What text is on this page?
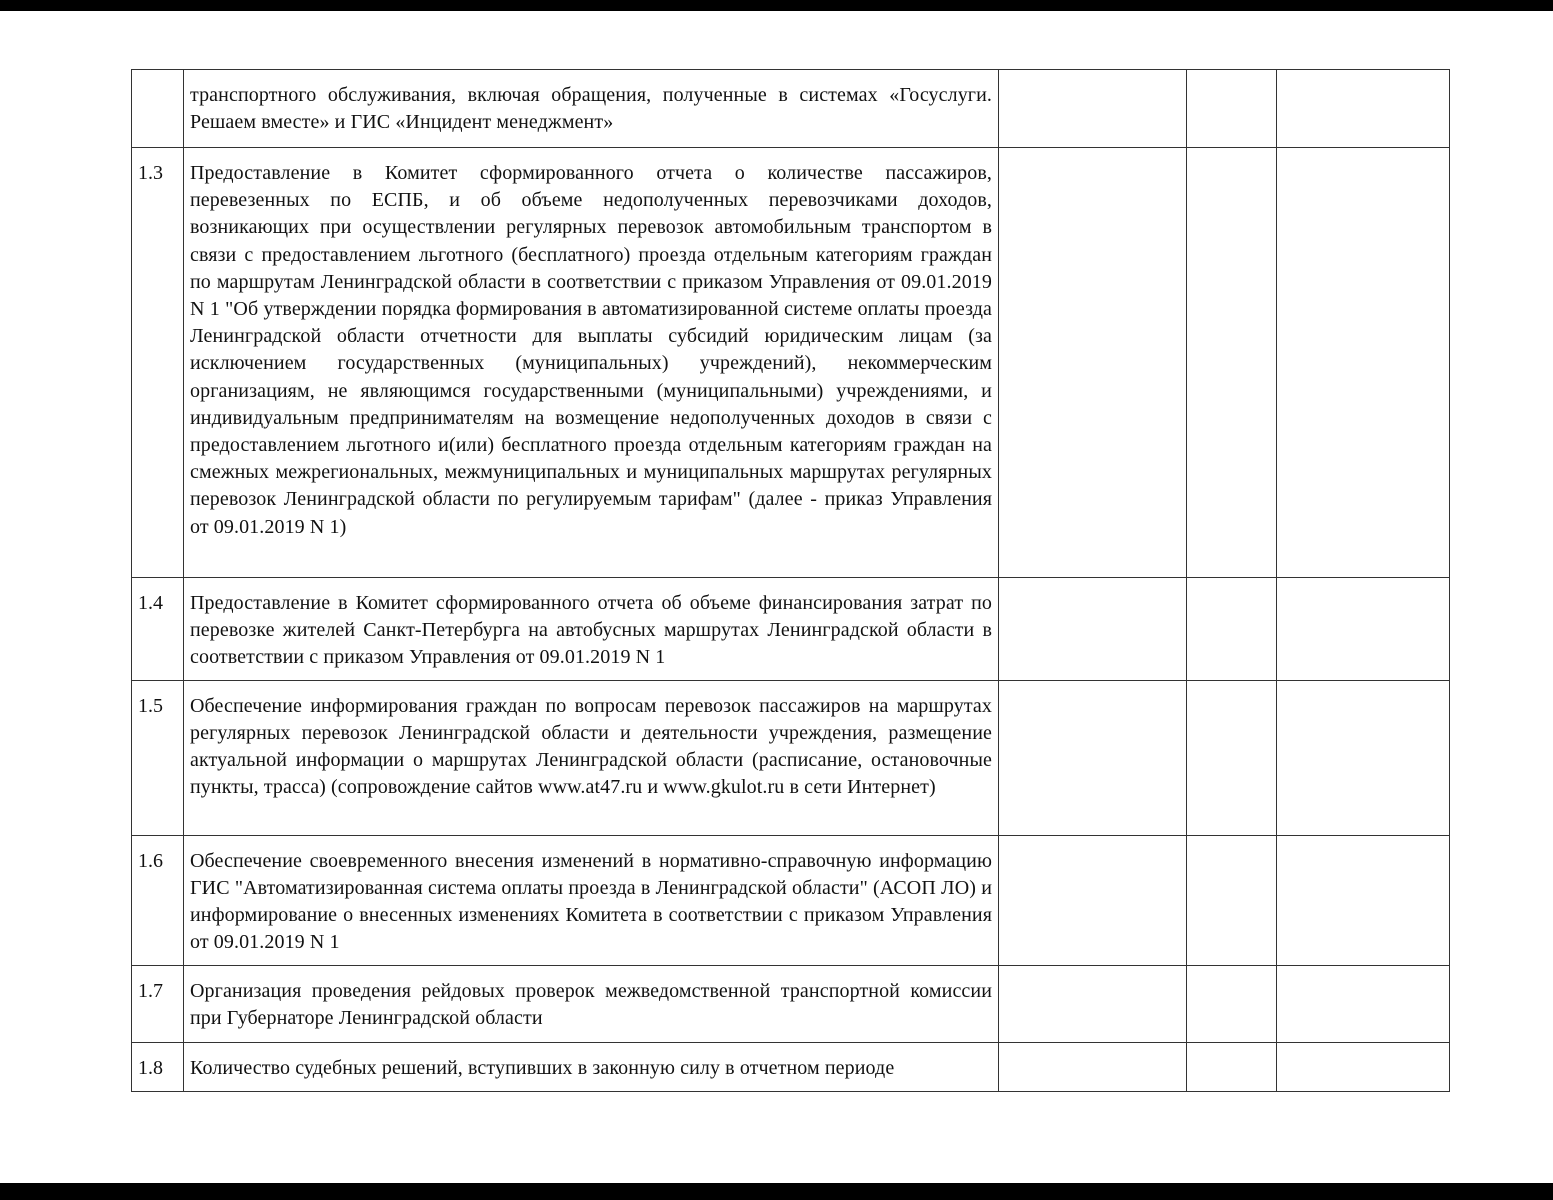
	транспортного обслуживания, включая обращения, полученные в системах «Госуслуги. Решаем вместе» и ГИС «Инцидент менеджмент»			
1.3	Предоставление в Комитет сформированного отчета о количестве пассажиров, перевезенных по ЕСПБ, и об объеме недополученных перевозчиками доходов, возникающих при осуществлении регулярных перевозок автомобильным транспортом в связи с предоставлением льготного (бесплатного) проезда отдельным категориям граждан по маршрутам Ленинградской области в соответствии с приказом Управления от 09.01.2019 N 1 "Об утверждении порядка формирования в автоматизированной системе оплаты проезда Ленинградской области отчетности для выплаты субсидий юридическим лицам (за исключением государственных (муниципальных) учреждений), некоммерческим организациям, не являющимся государственными (муниципальными) учреждениями, и индивидуальным предпринимателям на возмещение недополученных доходов в связи с предоставлением льготного и(или) бесплатного проезда отдельным категориям граждан на смежных межрегиональных, межмуниципальных и муниципальных маршрутах регулярных перевозок Ленинградской области по регулируемым тарифам" (далее - приказ Управления от 09.01.2019 N 1)			
1.4	Предоставление в Комитет сформированного отчета об объеме финансирования затрат по перевозке жителей Санкт-Петербурга на автобусных маршрутах Ленинградской области в соответствии с приказом Управления от 09.01.2019 N 1			
1.5	Обеспечение информирования граждан по вопросам перевозок пассажиров на маршрутах регулярных перевозок Ленинградской области и деятельности учреждения, размещение актуальной информации о маршрутах Ленинградской области (расписание, остановочные пункты, трасса) (сопровождение сайтов www.at47.ru и www.gkulot.ru в сети Интернет)			
1.6	Обеспечение своевременного внесения изменений в нормативно-справочную информацию ГИС "Автоматизированная система оплаты проезда в Ленинградской области" (АСОП ЛО) и информирование о внесенных изменениях Комитета в соответствии с приказом Управления от 09.01.2019 N 1			
1.7	Организация проведения рейдовых проверок межведомственной транспортной комиссии при Губернаторе Ленинградской области			
1.8	Количество судебных решений, вступивших в законную силу в отчетном периоде			
